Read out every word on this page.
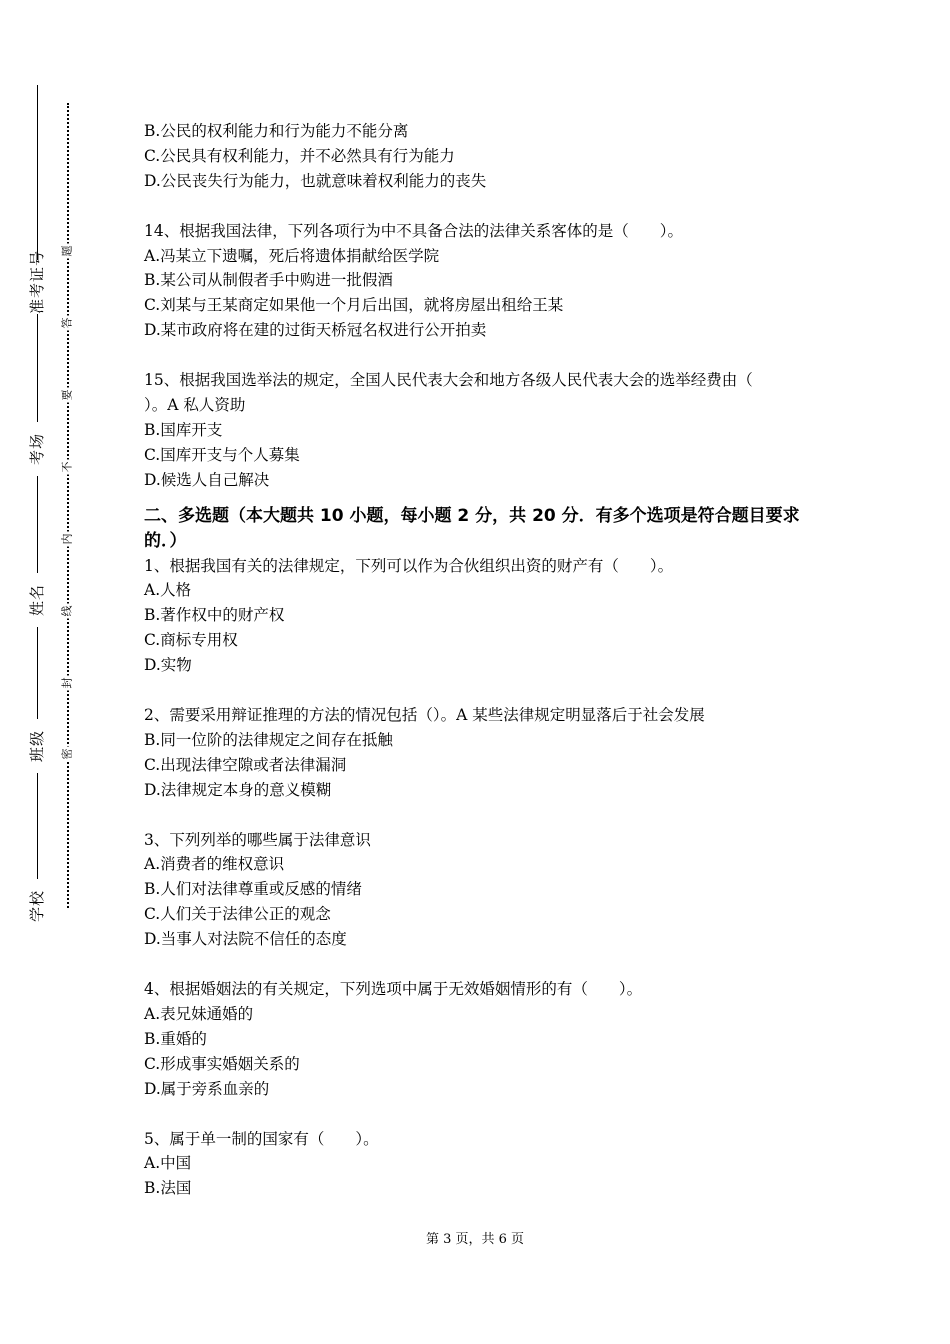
准考证号
考场
姓名
班级
学校
题
答
要
不
内
线
封
密
B.公民的权利能力和行为能力不能分离
C.公民具有权利能力，并不必然具有行为能力
D.公民丧失行为能力，也就意味着权利能力的丧失
14、根据我国法律，下列各项行为中不具备合法的法律关系客体的是（　　）。
A.冯某立下遗嘱，死后将遗体捐献给医学院
B.某公司从制假者手中购进一批假酒
C.刘某与王某商定如果他一个月后出国，就将房屋出租给王某
D.某市政府将在建的过街天桥冠名权进行公开拍卖
15、根据我国选举法的规定，全国人民代表大会和地方各级人民代表大会的选举经费由（
）。A 私人资助
B.国库开支
C.国库开支与个人募集
D.候选人自己解决
二、多选题（本大题共 10 小题，每小题 2 分，共 20 分．有多个选项是符合题目要求的．）
1、根据我国有关的法律规定，下列可以作为合伙组织出资的财产有（　　）。
A.人格
B.著作权中的财产权
C.商标专用权
D.实物
2、需要采用辩证推理的方法的情况包括（）。A 某些法律规定明显落后于社会发展
B.同一位阶的法律规定之间存在抵触
C.出现法律空隙或者法律漏洞
D.法律规定本身的意义模糊
3、下列列举的哪些属于法律意识
A.消费者的维权意识
B.人们对法律尊重或反感的情绪
C.人们关于法律公正的观念
D.当事人对法院不信任的态度
4、根据婚姻法的有关规定，下列选项中属于无效婚姻情形的有（　　）。
A.表兄妹通婚的
B.重婚的
C.形成事实婚姻关系的
D.属于旁系血亲的
5、属于单一制的国家有（　　）。
A.中国
B.法国
第 3 页，共 6 页
